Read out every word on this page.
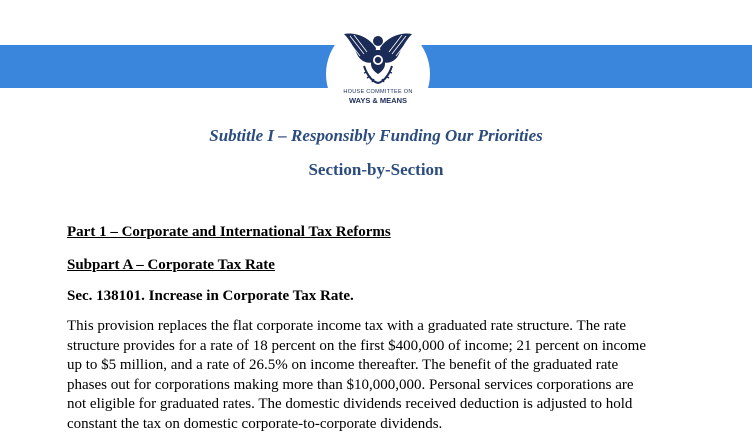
HOUSE COMMITTEE ON
WAYS & MEANS
Subtitle I – Responsibly Funding Our Priorities
Section-by-Section
Part 1 – Corporate and International Tax Reforms
Subpart A – Corporate Tax Rate
Sec. 138101. Increase in Corporate Tax Rate.

This provision replaces the flat corporate income tax with a graduated rate structure. The rate
structure provides for a rate of 18 percent on the first $400,000 of income; 21 percent on income
up to $5 million, and a rate of 26.5% on income thereafter. The benefit of the graduated rate
phases out for corporations making more than $10,000,000. Personal services corporations are
not eligible for graduated rates. The domestic dividends received deduction is adjusted to hold
constant the tax on domestic corporate-to-corporate dividends.
